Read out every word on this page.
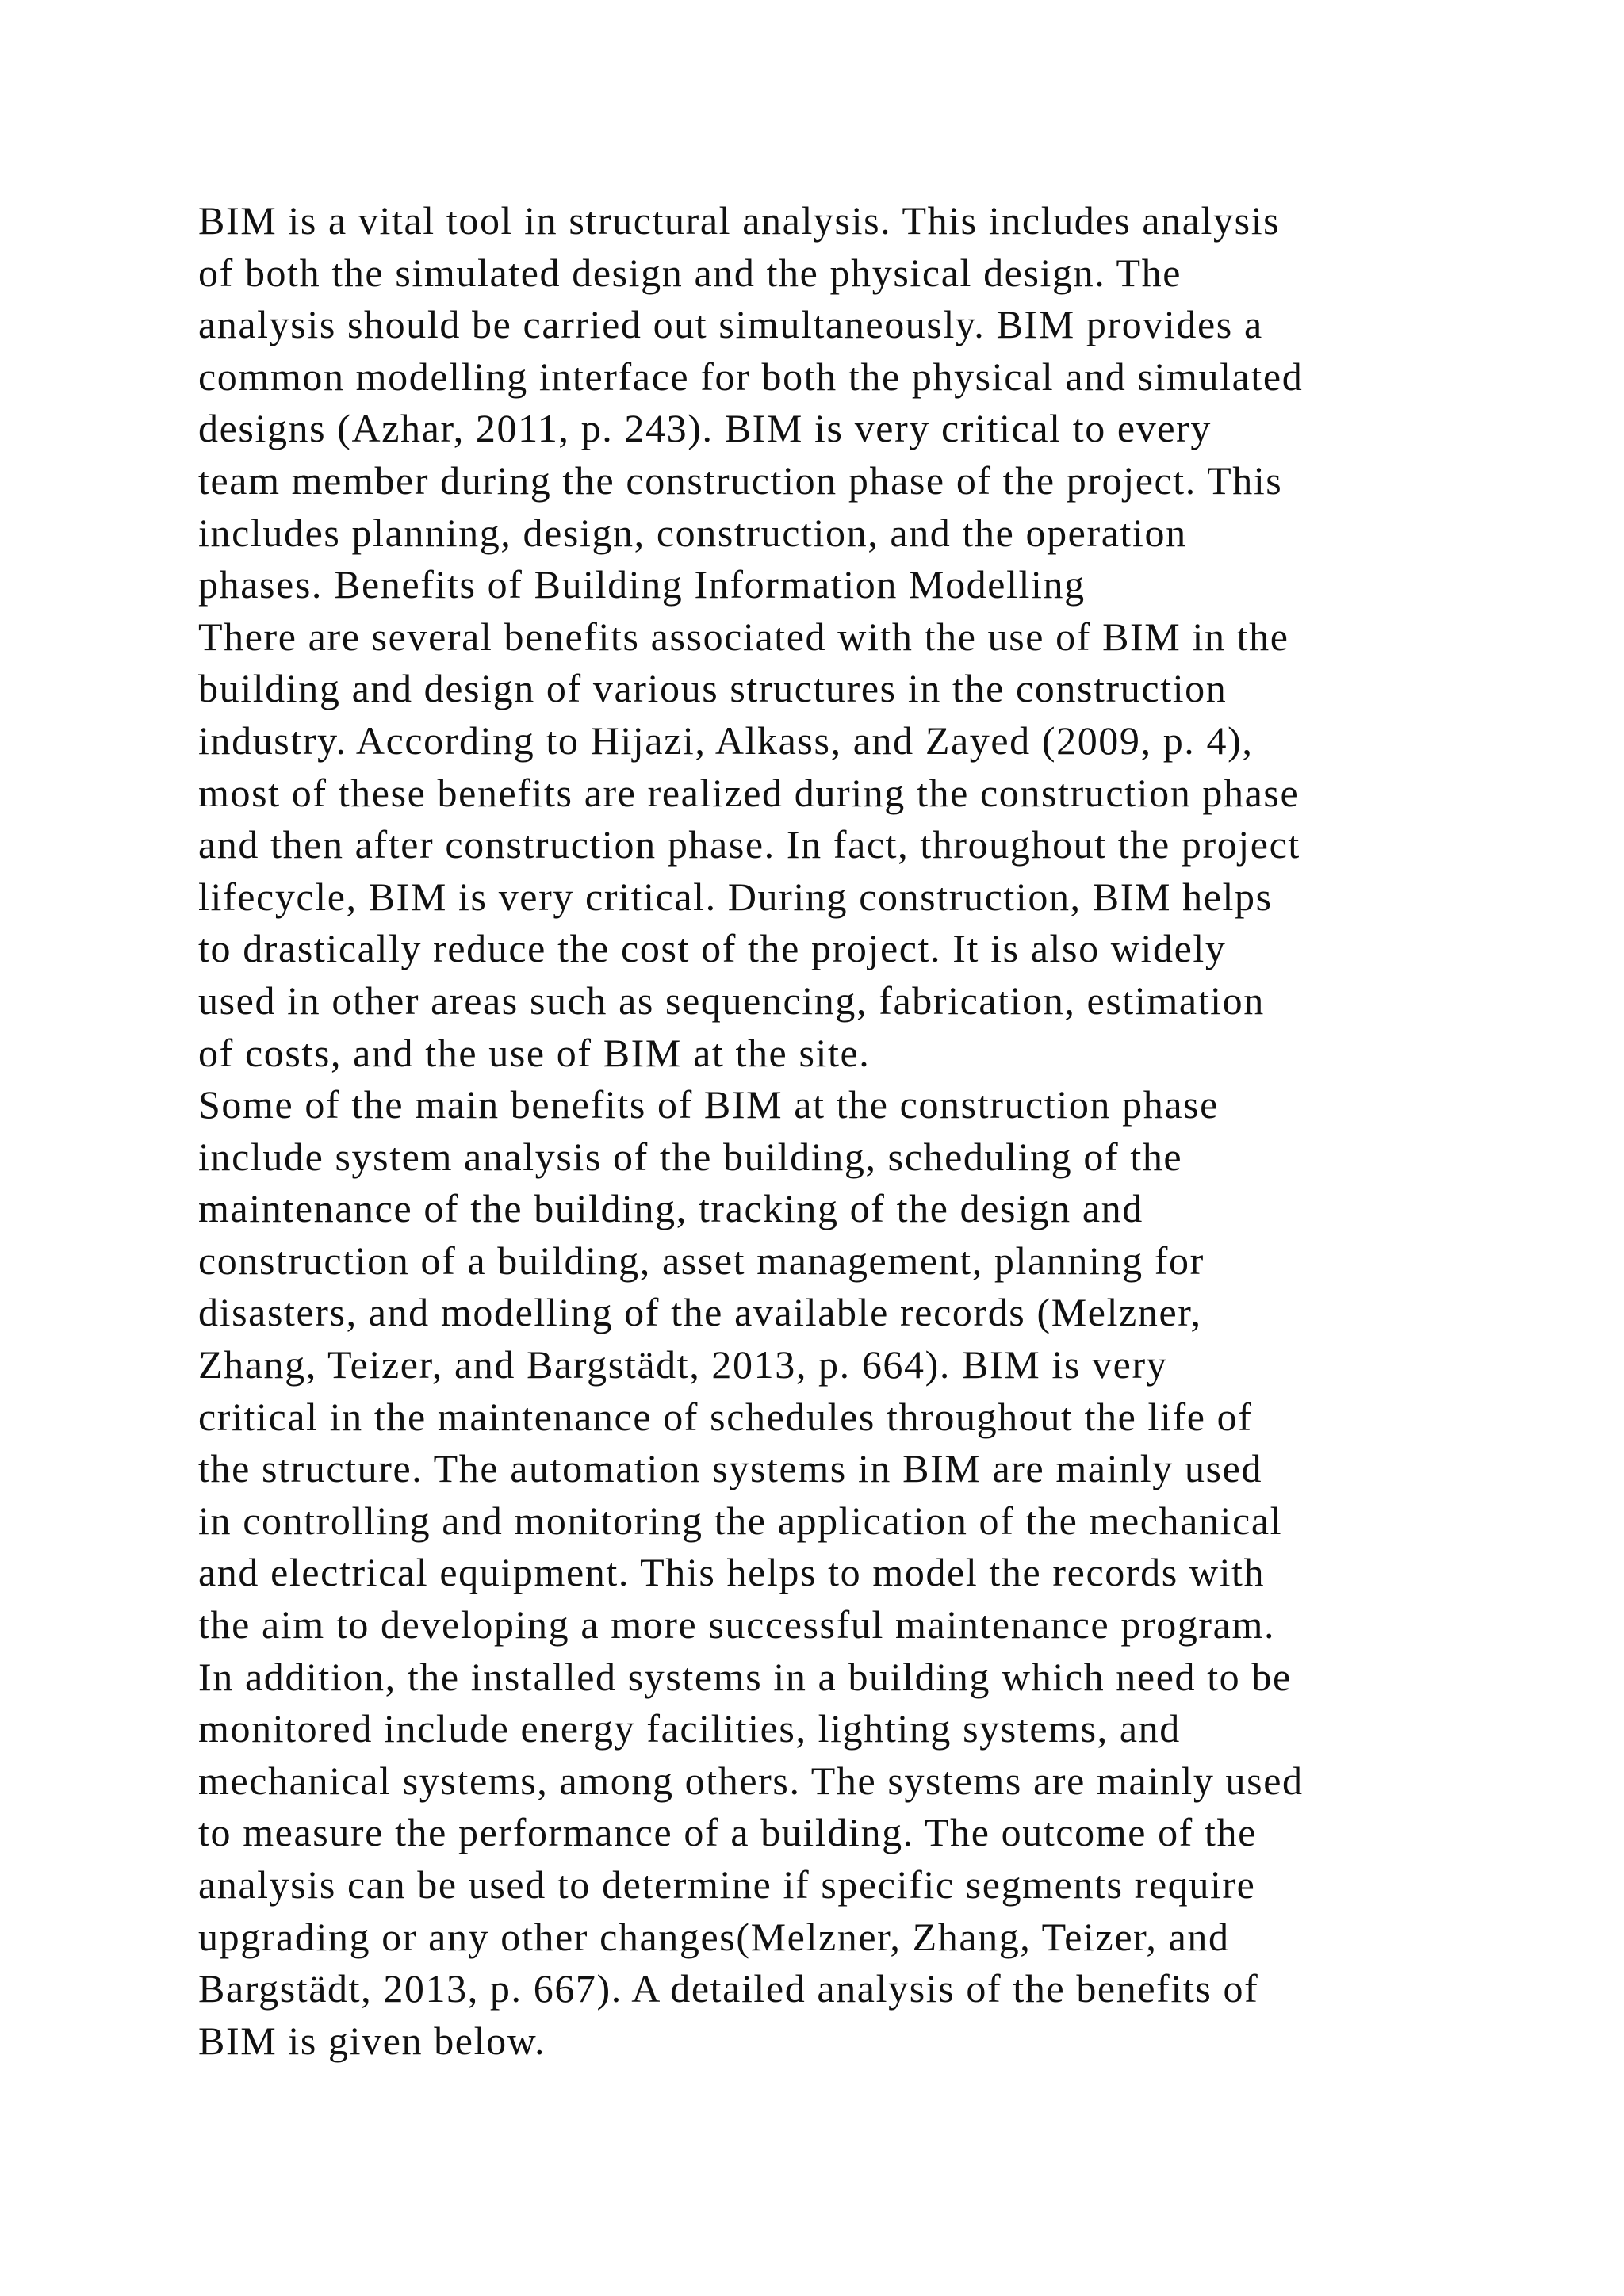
BIM is a vital tool in structural analysis. This includes analysis
of both the simulated design and the physical design. The
analysis should be carried out simultaneously. BIM provides a
common modelling interface for both the physical and simulated
designs (Azhar, 2011, p. 243). BIM is very critical to every
team member during the construction phase of the project. This
includes planning, design, construction, and the operation
phases. Benefits of Building Information Modelling
There are several benefits associated with the use of BIM in the
building and design of various structures in the construction
industry. According to Hijazi, Alkass, and Zayed (2009, p. 4),
most of these benefits are realized during the construction phase
and then after construction phase. In fact, throughout the project
lifecycle, BIM is very critical. During construction, BIM helps
to drastically reduce the cost of the project. It is also widely
used in other areas such as sequencing, fabrication, estimation
of costs, and the use of BIM at the site.
Some of the main benefits of BIM at the construction phase
include system analysis of the building, scheduling of the
maintenance of the building, tracking of the design and
construction of a building, asset management, planning for
disasters, and modelling of the available records (Melzner,
Zhang, Teizer, and Bargstädt, 2013, p. 664). BIM is very
critical in the maintenance of schedules throughout the life of
the structure. The automation systems in BIM are mainly used
in controlling and monitoring the application of the mechanical
and electrical equipment. This helps to model the records with
the aim to developing a more successful maintenance program.
In addition, the installed systems in a building which need to be
monitored include energy facilities, lighting systems, and
mechanical systems, among others. The systems are mainly used
to measure the performance of a building. The outcome of the
analysis can be used to determine if specific segments require
upgrading or any other changes(Melzner, Zhang, Teizer, and
Bargstädt, 2013, p. 667). A detailed analysis of the benefits of
BIM is given below.
